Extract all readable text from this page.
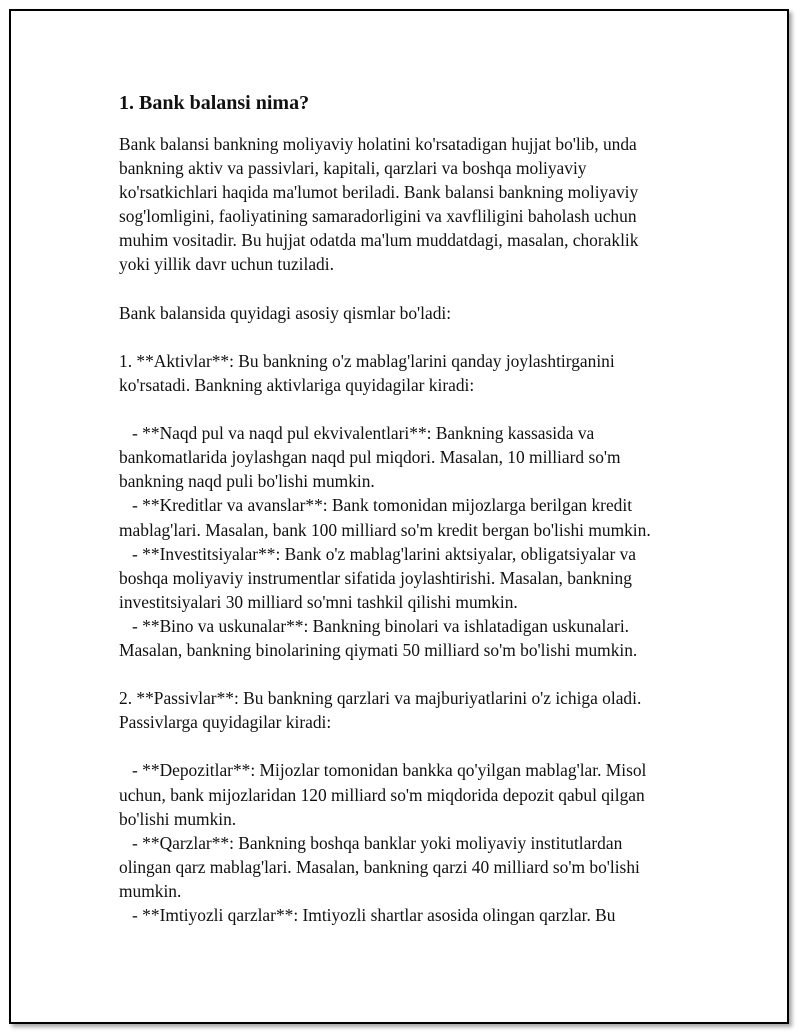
1. Bank balansi nima?

Bank balansi bankning moliyaviy holatini ko'rsatadigan hujjat bo'lib, unda
bankning aktiv va passivlari, kapitali, qarzlari va boshqa moliyaviy
ko'rsatkichlari haqida ma'lumot beriladi. Bank balansi bankning moliyaviy
sog'lomligini, faoliyatining samaradorligini va xavfliligini baholash uchun
muhim vositadir. Bu hujjat odatda ma'lum muddatdagi, masalan, choraklik
yoki yillik davr uchun tuziladi.

Bank balansida quyidagi asosiy qismlar bo'ladi:

1. **Aktivlar**: Bu bankning o'z mablag'larini qanday joylashtirganini
ko'rsatadi. Bankning aktivlariga quyidagilar kiradi:

- **Naqd pul va naqd pul ekvivalentlari**: Bankning kassasida va
bankomatlarida joylashgan naqd pul miqdori. Masalan, 10 milliard so'm
bankning naqd puli bo'lishi mumkin.
- **Kreditlar va avanslar**: Bank tomonidan mijozlarga berilgan kredit
mablag'lari. Masalan, bank 100 milliard so'm kredit bergan bo'lishi mumkin.
- **Investitsiyalar**: Bank o'z mablag'larini aktsiyalar, obligatsiyalar va
boshqa moliyaviy instrumentlar sifatida joylashtirishi. Masalan, bankning
investitsiyalari 30 milliard so'mni tashkil qilishi mumkin.
- **Bino va uskunalar**: Bankning binolari va ishlatadigan uskunalari.
Masalan, bankning binolarining qiymati 50 milliard so'm bo'lishi mumkin.

2. **Passivlar**: Bu bankning qarzlari va majburiyatlarini o'z ichiga oladi.
Passivlarga quyidagilar kiradi:

- **Depozitlar**: Mijozlar tomonidan bankka qo'yilgan mablag'lar. Misol
uchun, bank mijozlaridan 120 milliard so'm miqdorida depozit qabul qilgan
bo'lishi mumkin.
- **Qarzlar**: Bankning boshqa banklar yoki moliyaviy institutlardan
olingan qarz mablag'lari. Masalan, bankning qarzi 40 milliard so'm bo'lishi
mumkin.
- **Imtiyozli qarzlar**: Imtiyozli shartlar asosida olingan qarzlar. Bu
